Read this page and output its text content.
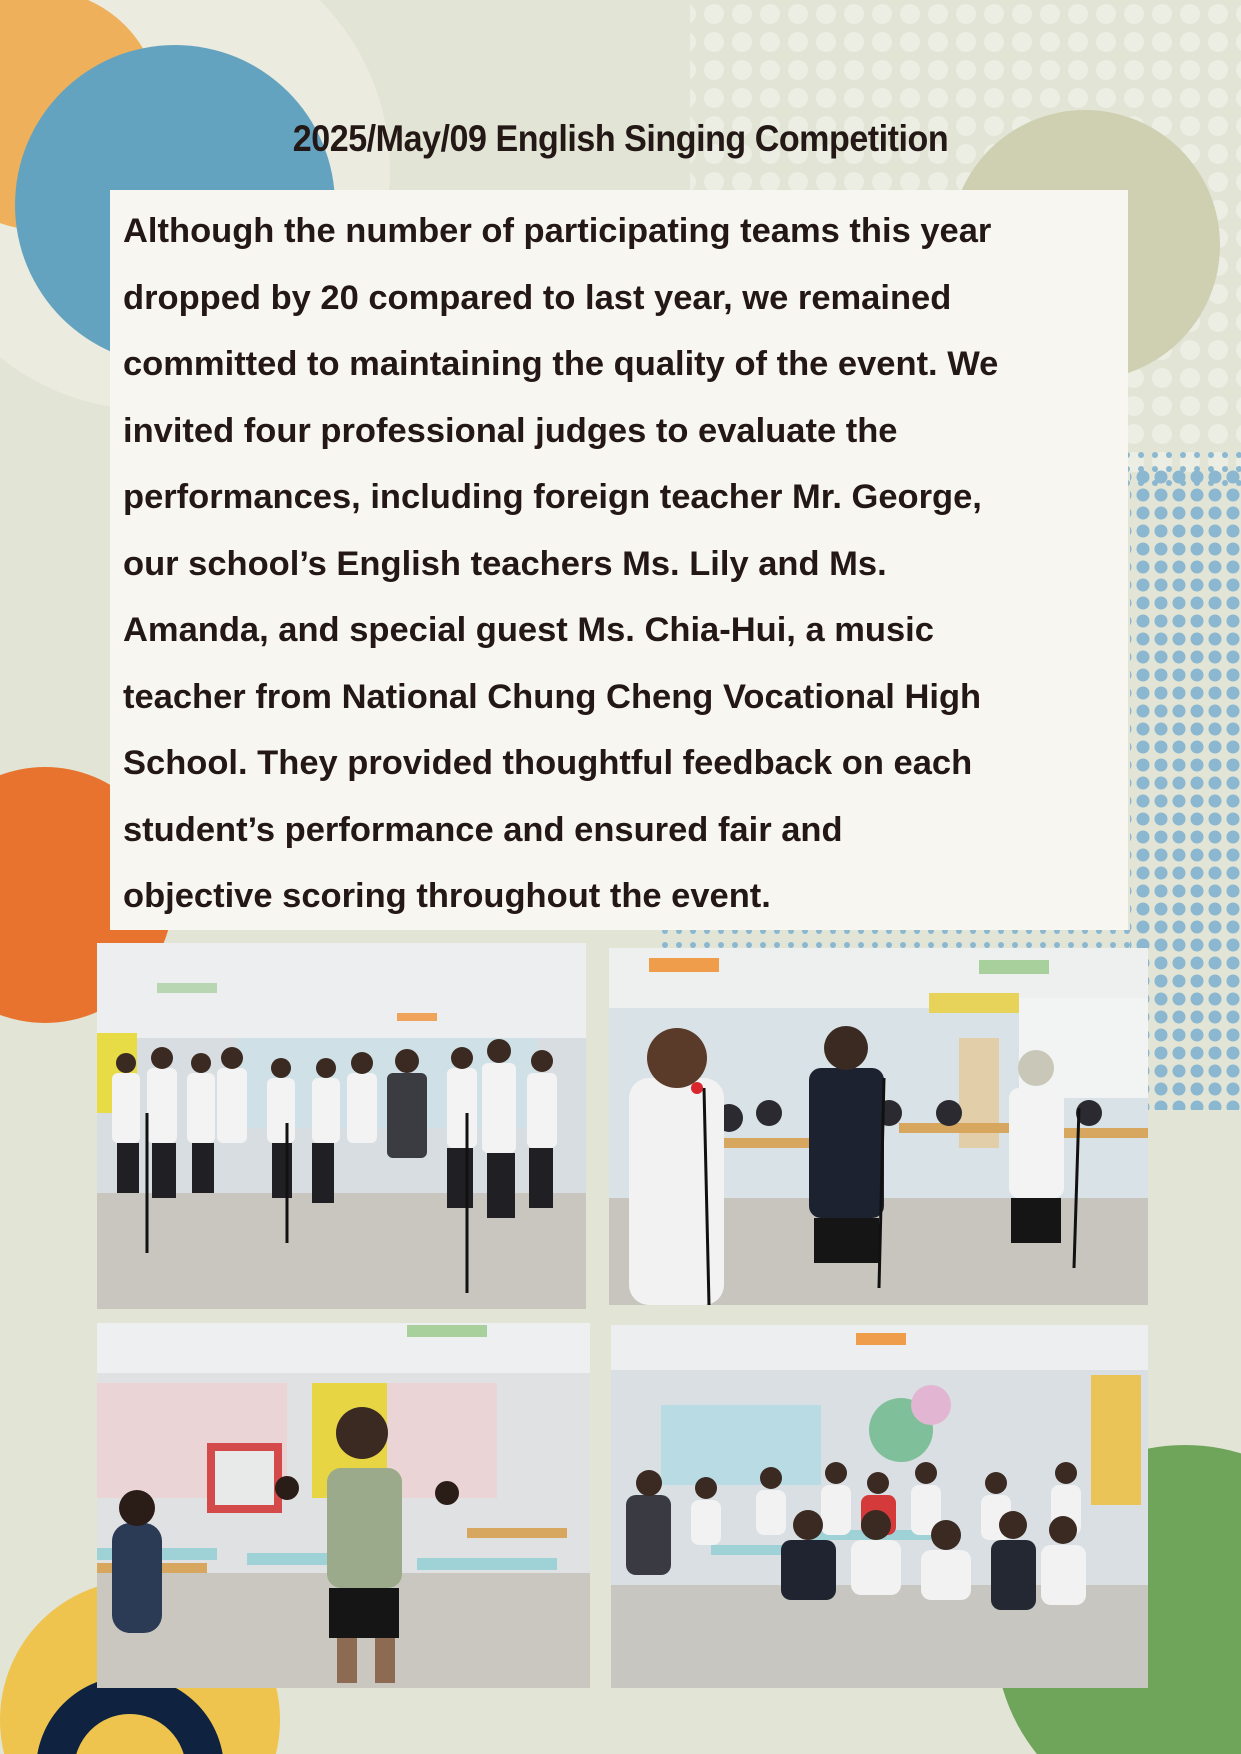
2025/May/09 English Singing Competition

Although the number of participating teams this year
dropped by 20 compared to last year, we remained
committed to maintaining the quality of the event. We
invited four professional judges to evaluate the
performances, including foreign teacher Mr. George,
our school’s English teachers Ms. Lily and Ms.
Amanda, and special guest Ms. Chia-Hui, a music
teacher from National Chung Cheng Vocational High
School. They provided thoughtful feedback on each
student’s performance and ensured fair and
objective scoring throughout the event.
